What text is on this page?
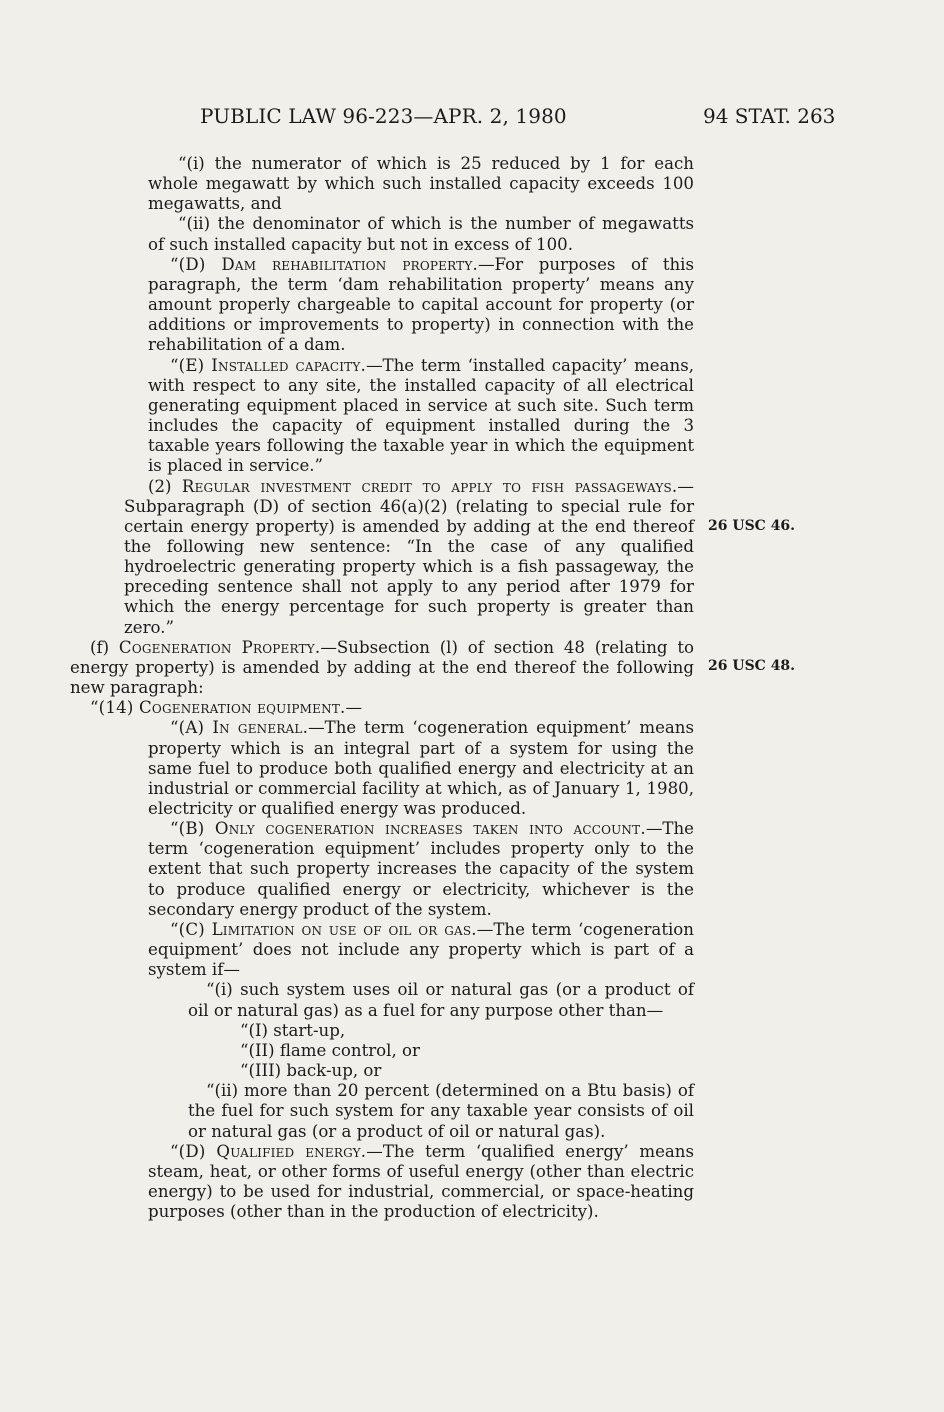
PUBLIC LAW 96-223—APR. 2, 1980	94 STAT. 263
26 USC 46.
26 USC 48.

“(i) the numerator of which is 25 reduced by 1 for each whole megawatt by which such installed capacity exceeds 100 megawatts, and

“(ii) the denominator of which is the number of megawatts of such installed capacity but not in excess of 100.

“(D) Dam rehabilitation property.—For purposes of this paragraph, the term ‘dam rehabilitation property’ means any amount properly chargeable to capital account for property (or additions or improvements to property) in connection with the rehabilitation of a dam.

“(E) Installed capacity.—The term ‘installed capacity’ means, with respect to any site, the installed capacity of all electrical generating equipment placed in service at such site. Such term includes the capacity of equipment installed during the 3 taxable years following the taxable year in which the equipment is placed in service.”

(2) Regular investment credit to apply to fish passageways.—Subparagraph (D) of section 46(a)(2) (relating to special rule for certain energy property) is amended by adding at the end thereof the following new sentence: “In the case of any qualified hydroelectric generating property which is a fish passageway, the preceding sentence shall not apply to any period after 1979 for which the energy percentage for such property is greater than zero.”

(f) Cogeneration Property.—Subsection (l) of section 48 (relating to energy property) is amended by adding at the end thereof the following new paragraph:

“(14) Cogeneration equipment.—

“(A) In general.—The term ‘cogeneration equipment’ means property which is an integral part of a system for using the same fuel to produce both qualified energy and electricity at an industrial or commercial facility at which, as of January 1, 1980, electricity or qualified energy was produced.

“(B) Only cogeneration increases taken into account.—The term ‘cogeneration equipment’ includes property only to the extent that such property increases the capacity of the system to produce qualified energy or electricity, whichever is the secondary energy product of the system.

“(C) Limitation on use of oil or gas.—The term ‘cogeneration equipment’ does not include any property which is part of a system if—

“(i) such system uses oil or natural gas (or a product of oil or natural gas) as a fuel for any purpose other than—

“(I) start-up,

“(II) flame control, or

“(III) back-up, or

“(ii) more than 20 percent (determined on a Btu basis) of the fuel for such system for any taxable year consists of oil or natural gas (or a product of oil or natural gas).

“(D) Qualified energy.—The term ‘qualified energy’ means steam, heat, or other forms of useful energy (other than electric energy) to be used for industrial, commercial, or space-heating purposes (other than in the production of electricity).
